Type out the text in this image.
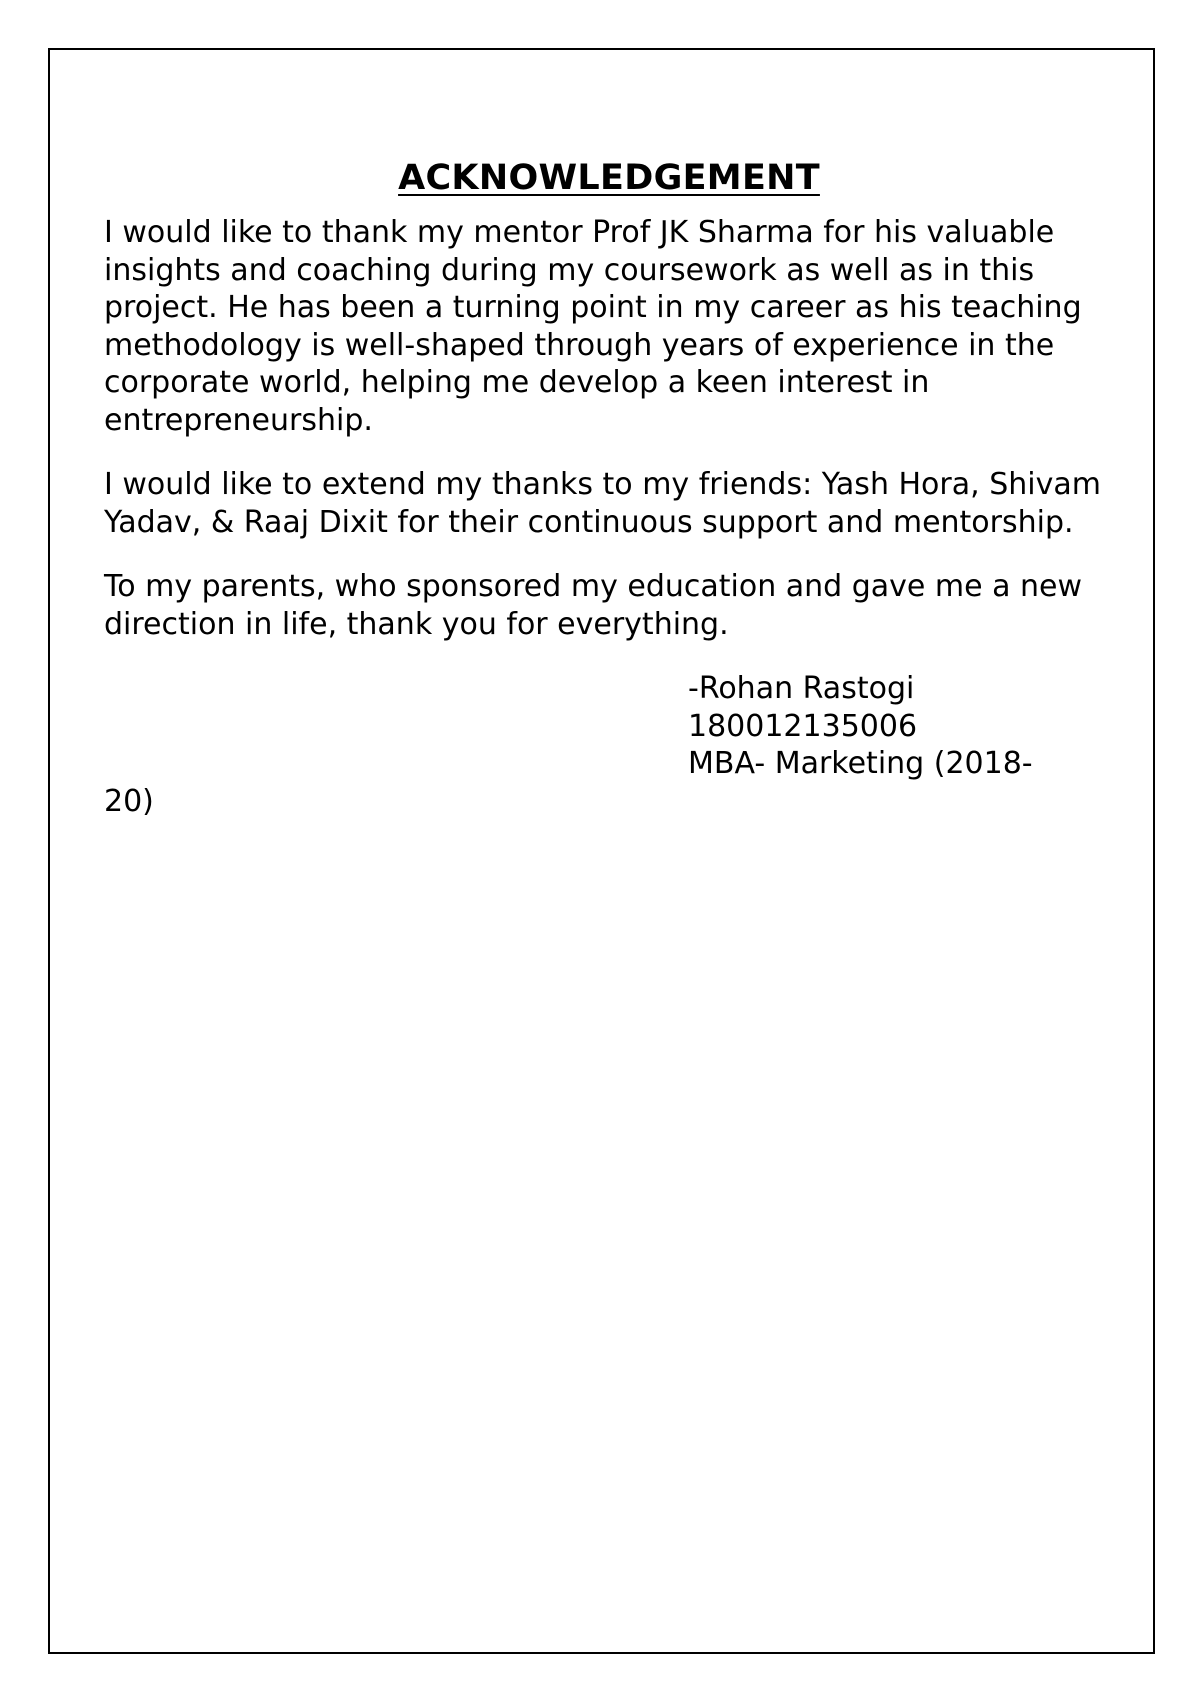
ACKNOWLEDGEMENT

I would like to thank my mentor Prof JK Sharma for his valuable insights and coaching during my coursework as well as in this project. He has been a turning point in my career as his teaching methodology is well-shaped through years of experience in the corporate world, helping me develop a keen interest in entrepreneurship.

I would like to extend my thanks to my friends: Yash Hora, Shivam Yadav, & Raaj Dixit for their continuous support and mentorship.

To my parents, who sponsored my education and gave me a new direction in life, thank you for everything.

-Rohan Rastogi
180012135006
MBA- Marketing (2018-
20)
